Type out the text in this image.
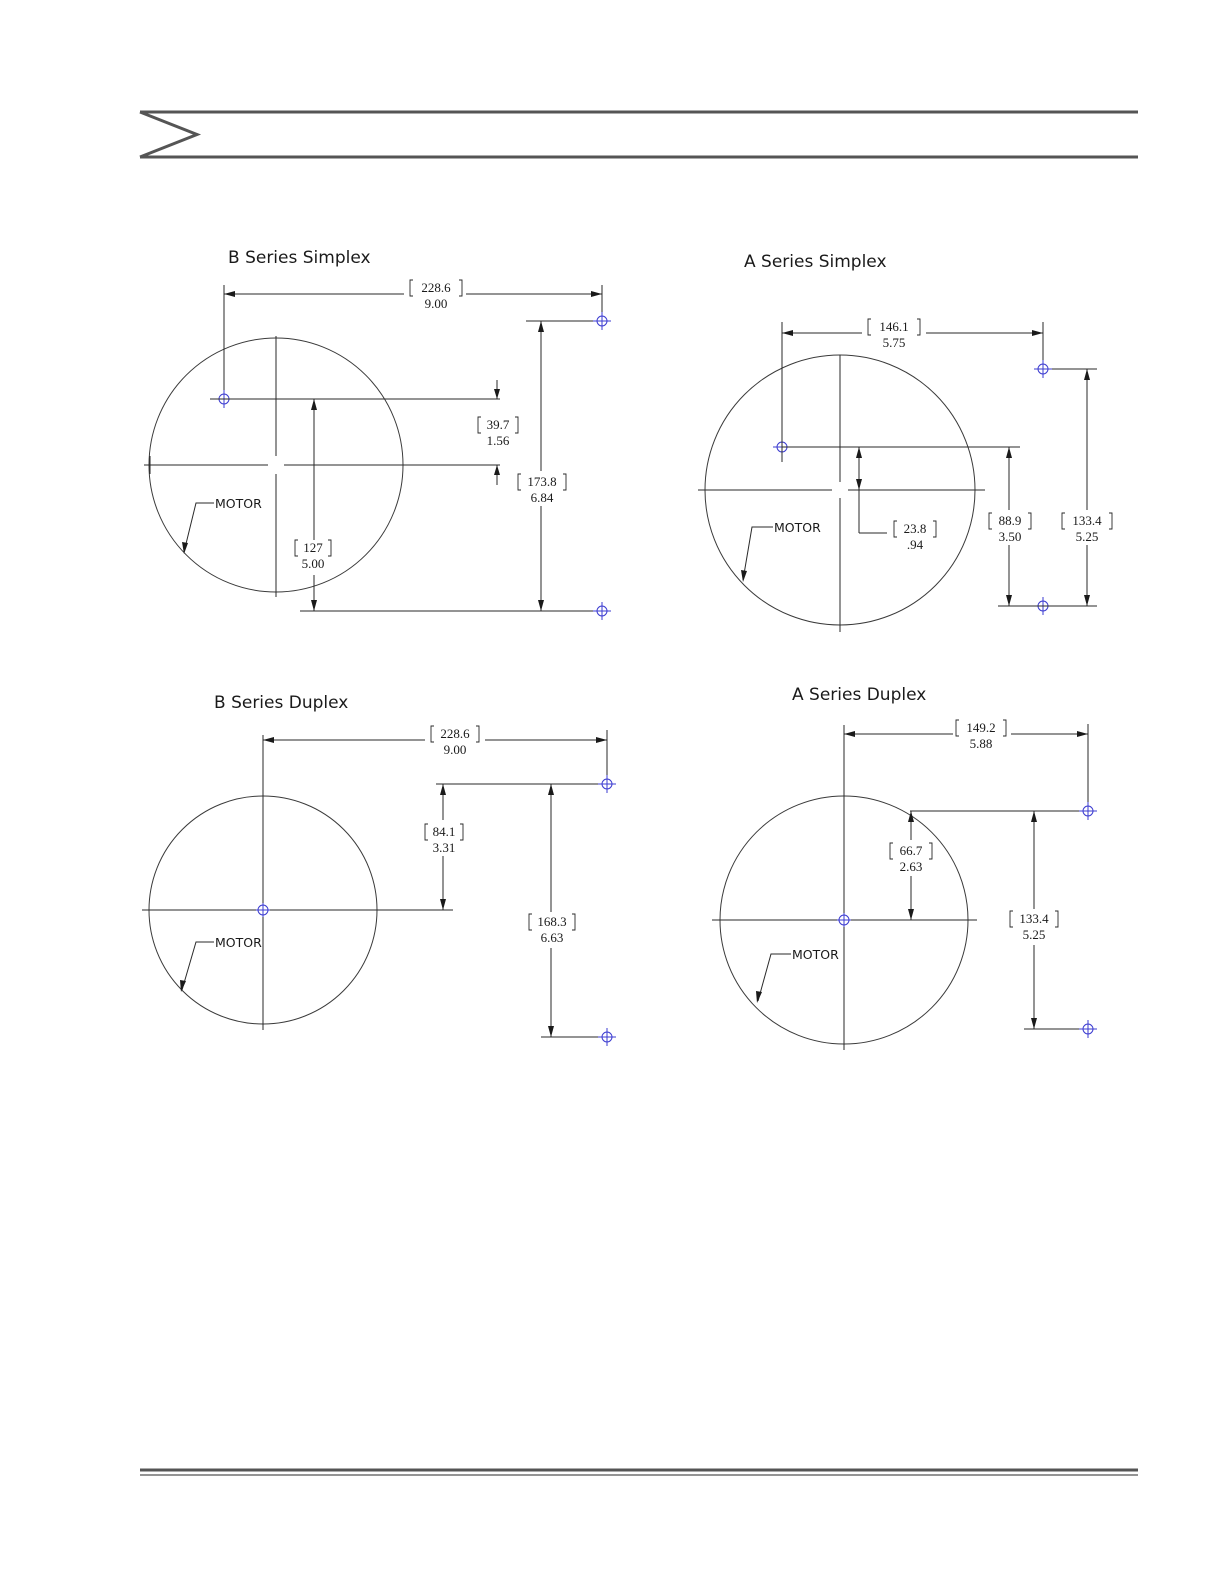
B Series Simplex
228.6
9.00
39.7
1.56
173.8
6.84
127
5.00
MOTOR
A Series Simplex
146.1
5.75
23.8
.94
88.9
3.50
133.4
5.25
MOTOR
B Series Duplex
228.6
9.00
84.1
3.31
168.3
6.63
MOTOR
A Series Duplex
149.2
5.88
66.7
2.63
133.4
5.25
MOTOR
